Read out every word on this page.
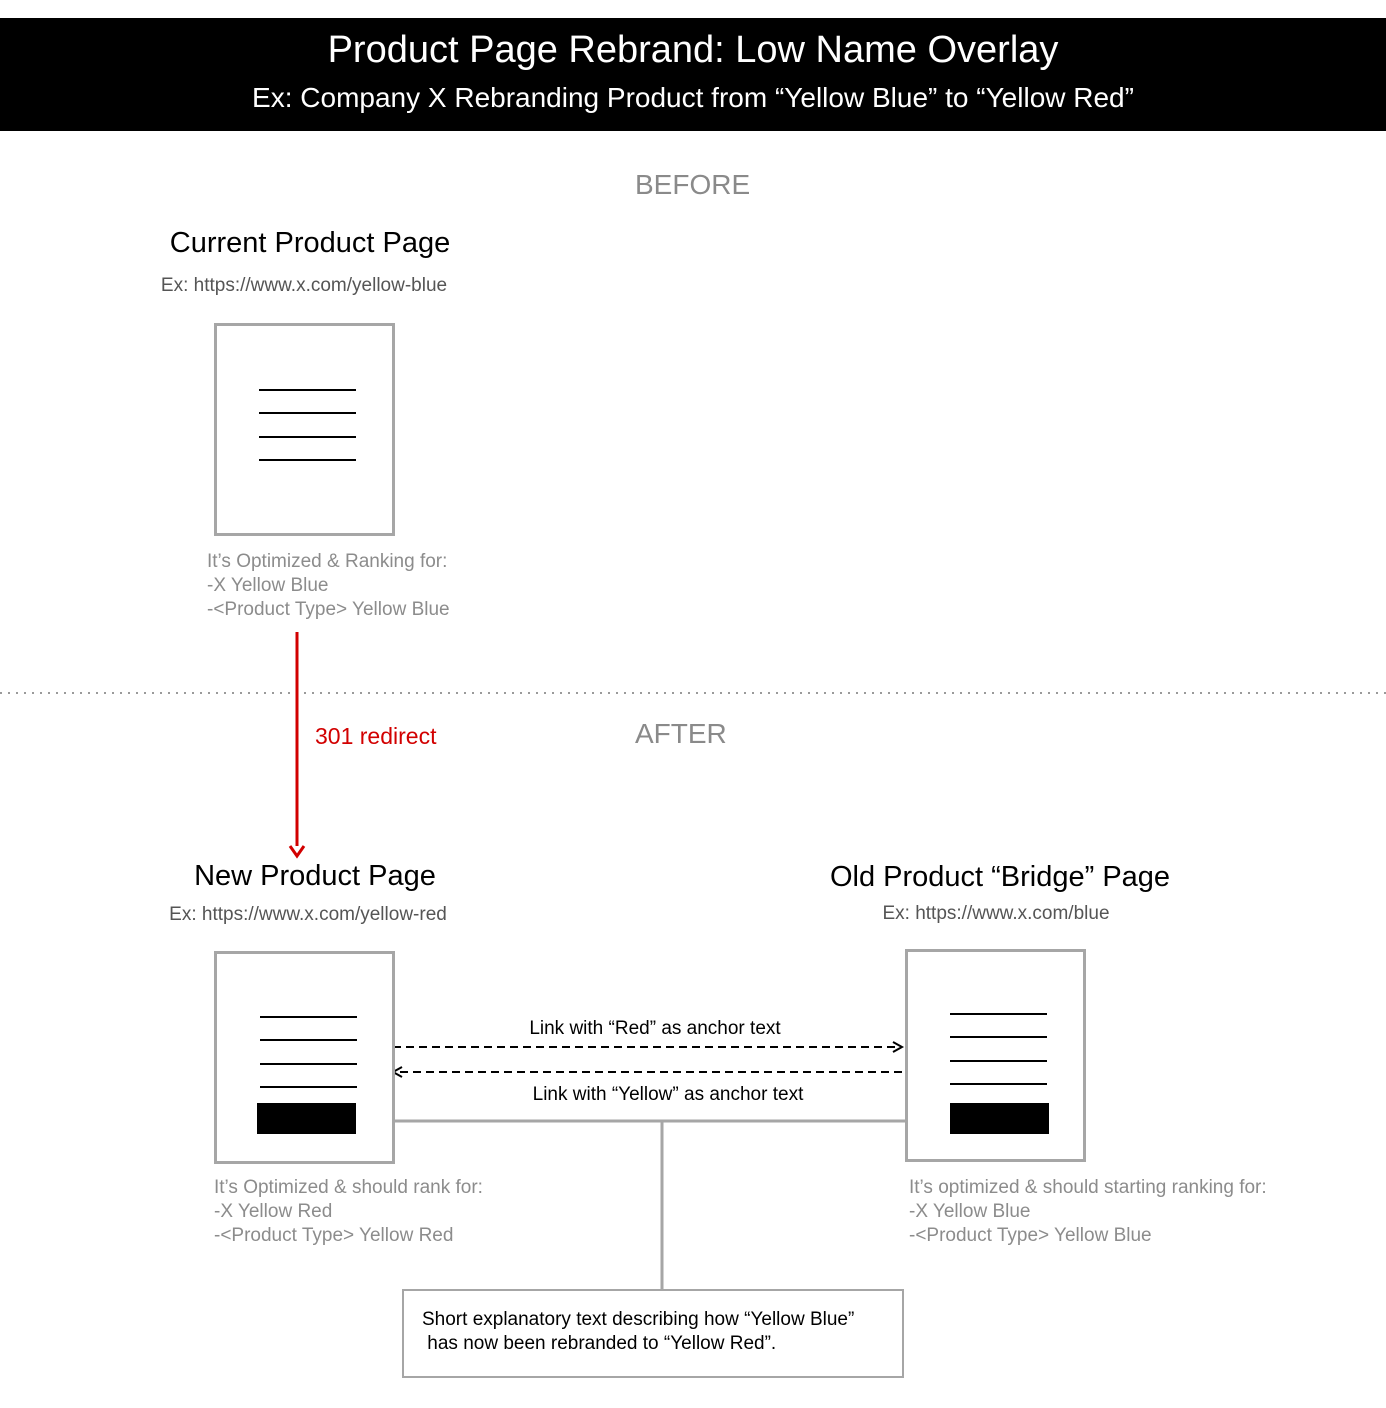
Product Page Rebrand: Low Name Overlay
Ex: Company X Rebranding Product from “Yellow Blue” to “Yellow Red”
BEFORE
Current Product Page
Ex: https://www.x.com/yellow-blue
It’s Optimized & Ranking for:
-X Yellow Blue
-<Product Type> Yellow Blue
301 redirect	AFTER
New Product Page
Ex: https://www.x.com/yellow-red
Old Product “Bridge” Page
Ex: https://www.x.com/blue
Link with “Red” as anchor text
Link with “Yellow” as anchor text
It’s Optimized & should rank for:
-X Yellow Red
-<Product Type> Yellow Red
It’s optimized & should starting ranking for:
-X Yellow Blue
-<Product Type> Yellow Blue
Short explanatory text describing how “Yellow Blue”
has now been rebranded to “Yellow Red”.
